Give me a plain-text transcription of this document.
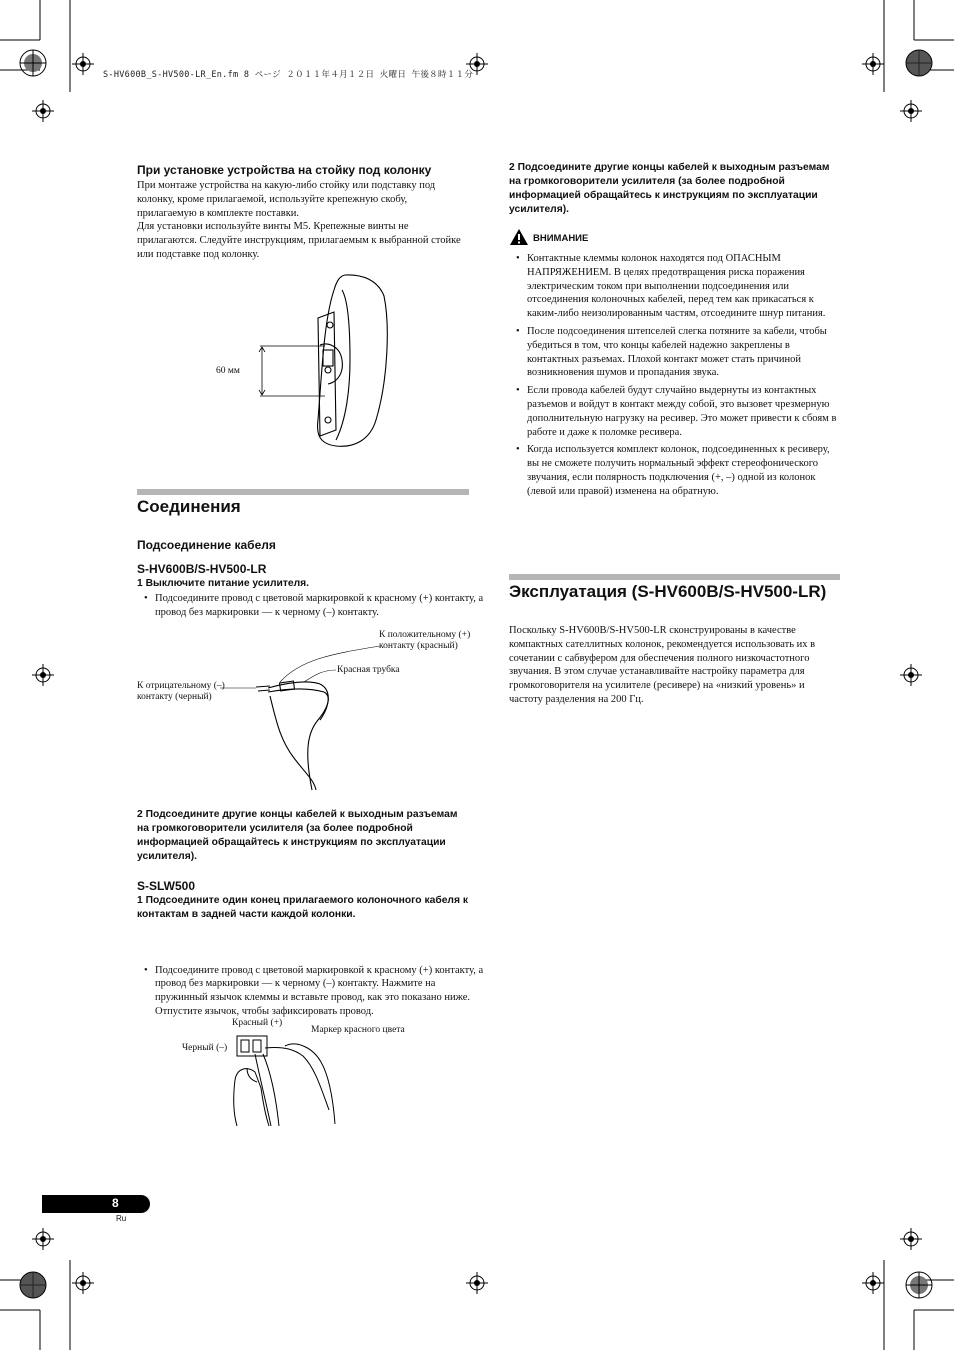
S-HV600B_S-HV500-LR_En.fm 8 ページ ２０１１年４月１２日 火曜日 午後８時１１分
При установке устройства на стойку под колонку
При монтаже устройства на какую-либо стойку или подставку под колонку, кроме прилагаемой, используйте крепежную скобу, прилагаемую в комплекте поставки.
Для установки используйте винты M5. Крепежные винты не прилагаются. Следуйте инструкциям, прилагаемым к выбранной стойке или подставке под колонку.
60 мм
Соединения
Подсоединение кабеля
S-HV600B/S-HV500-LR
1 Выключите питание усилителя.
• Подсоедините провод с цветовой маркировкой к красному (+) контакту, а провод без маркировки — к черному (–) контакту.
К положительному (+) контакту (красный)
Красная трубка
К отрицательному (–) контакту (черный)
2 Подсоедините другие концы кабелей к выходным разъемам на громкоговорители усилителя (за более подробной информацией обращайтесь к инструкциям по эксплуатации усилителя).
S-SLW500
1 Подсоедините один конец прилагаемого колоночного кабеля к контактам в задней части каждой колонки.
• Подсоедините провод с цветовой маркировкой к красному (+) контакту, а провод без маркировки — к черному (–) контакту. Нажмите на пружинный язычок клеммы и вставьте провод, как это показано ниже. Отпустите язычок, чтобы зафиксировать провод.
Красный (+)
Маркер красного цвета
Черный (–)
2 Подсоедините другие концы кабелей к выходным разъемам на громкоговорители усилителя (за более подробной информацией обращайтесь к инструкциям по эксплуатации усилителя).
ВНИМАНИЕ
• Контактные клеммы колонок находятся под ОПАСНЫМ НАПРЯЖЕНИЕМ. В целях предотвращения риска поражения электрическим током при выполнении подсоединения или отсоединения колоночных кабелей, перед тем как прикасаться к каким-либо неизолированным частям, отсоедините шнур питания.
• После подсоединения штепселей слегка потяните за кабели, чтобы убедиться в том, что концы кабелей надежно закреплены в контактных разъемах. Плохой контакт может стать причиной возникновения шумов и пропадания звука.
• Если провода кабелей будут случайно выдернуты из контактных разъемов и войдут в контакт между собой, это вызовет чрезмерную дополнительную нагрузку на ресивер. Это может привести к сбоям в работе и даже к поломке ресивера.
• Когда используется комплект колонок, подсоединенных к ресиверу, вы не сможете получить нормальный эффект стереофонического звучания, если полярность подключения (+, –) одной из колонок (левой или правой) изменена на обратную.
Эксплуатация (S-HV600B/S-HV500-LR)
Поскольку S-HV600B/S-HV500-LR сконструированы в качестве компактных сателлитных колонок, рекомендуется использовать их в сочетании с сабвуфером для обеспечения полного низкочастотного звучания. В этом случае устанавливайте настройку параметра для громкоговорителя на усилителе (ресивере) на «низкий уровень» и частоту разделения на 200 Гц.
8
Ru
